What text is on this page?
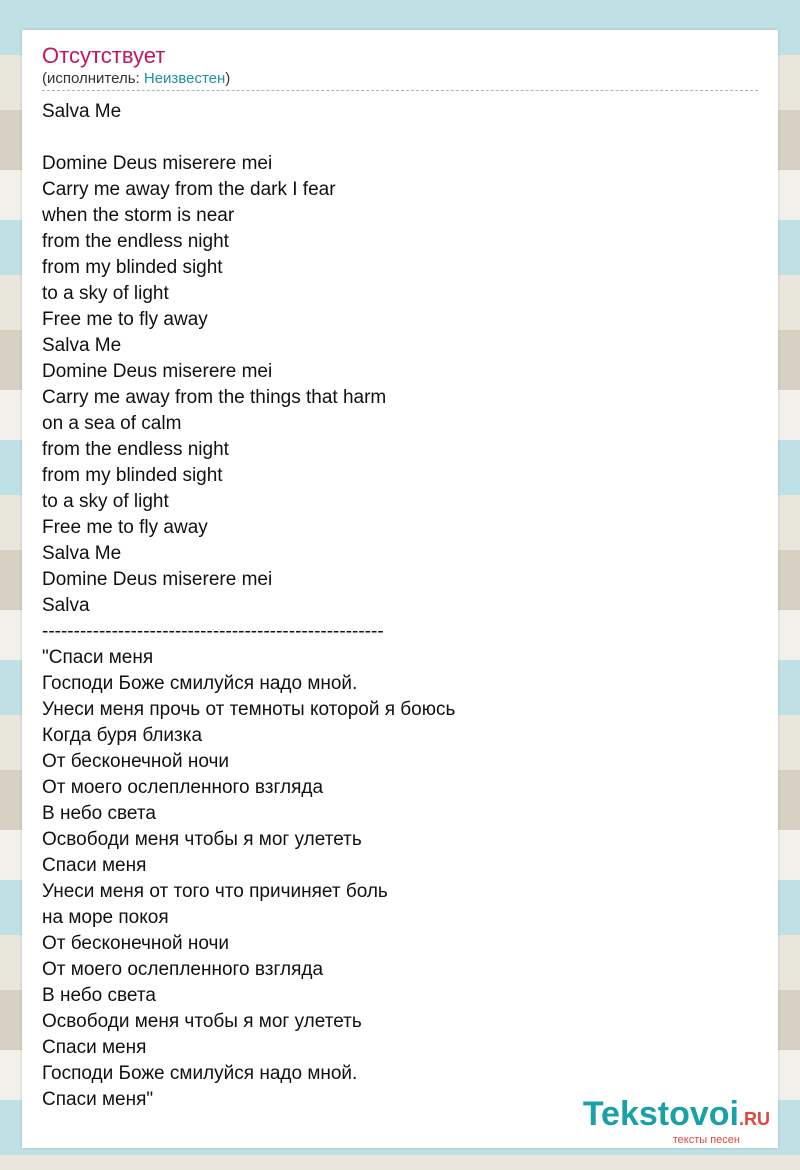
Отсутствует
(исполнитель: Неизвестен)
Salva Me
Domine Deus miserere mei
Carry me away from the dark I fear
when the storm is near
from the endless night
from my blinded sight
to a sky of light
Free me to fly away
Salva Me
Domine Deus miserere mei
Carry me away from the things that harm
on a sea of calm
from the endless night
from my blinded sight
to a sky of light
Free me to fly away
Salva Me
Domine Deus miserere mei
Salva
------------------------------------------------------
"Спаси меня
Господи Боже смилуйся надо мной.
Унеси меня прочь от темноты которой я боюсь
Когда буря близка
От бесконечной ночи
От моего ослепленного взгляда
В небо света
Освободи меня чтобы я мог улететь
Спаси меня
Унеси меня от того что причиняет боль
на море покоя
От бесконечной ночи
От моего ослепленного взгляда
В небо света
Освободи меня чтобы я мог улететь
Спаси меня
Господи Боже смилуйся надо мной.
Спаси меня"	Tekstovoi.RU
тексты песен
